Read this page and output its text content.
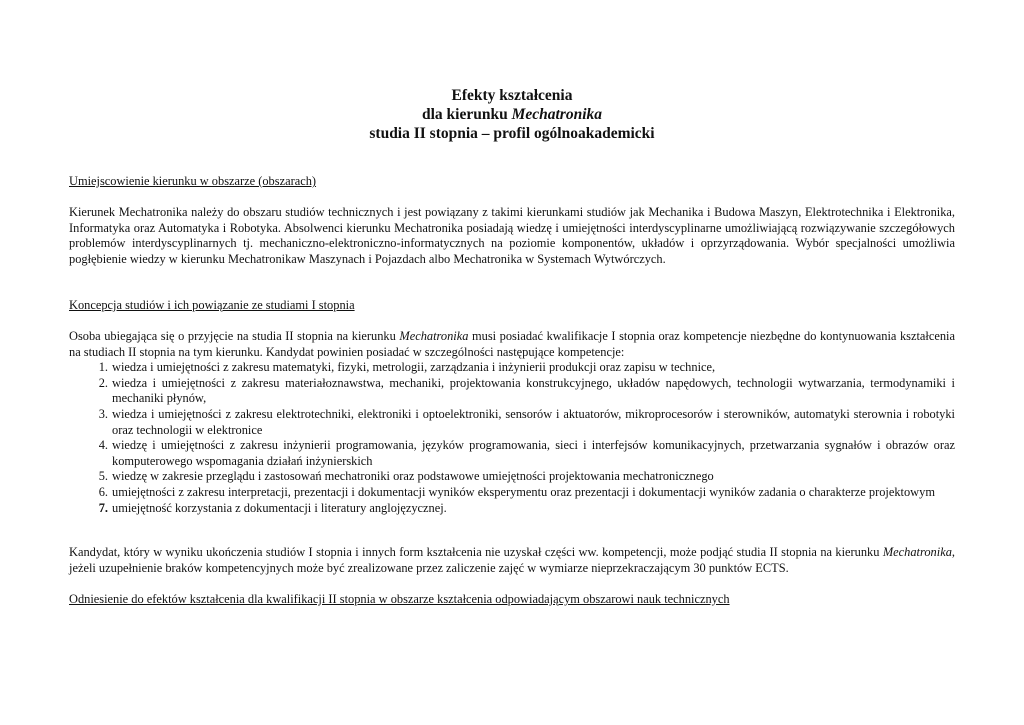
Efekty kształcenia
dla kierunku Mechatronika
studia II stopnia – profil ogólnoakademicki
Umiejscowienie kierunku w obszarze (obszarach)
Kierunek Mechatronika należy do obszaru studiów technicznych i jest powiązany z takimi kierunkami studiów jak Mechanika i Budowa Maszyn, Elektrotechnika i Elektronika, Informatyka oraz Automatyka i Robotyka. Absolwenci kierunku Mechatronika posiadają wiedzę i umiejętności interdyscyplinarne umożliwiającą rozwiązywanie szczegółowych problemów interdyscyplinarnych tj. mechaniczno-elektroniczno-informatycznych na poziomie komponentów, układów i oprzyrządowania. Wybór specjalności umożliwia pogłębienie wiedzy w kierunku Mechatronikaw Maszynach i Pojazdach albo Mechatronika w Systemach Wytwórczych.
Koncepcja studiów i ich powiązanie ze studiami I stopnia
Osoba ubiegająca się o przyjęcie na studia II stopnia na kierunku Mechatronika musi posiadać kwalifikacje I stopnia oraz kompetencje niezbędne do kontynuowania kształcenia na studiach II stopnia na tym kierunku. Kandydat powinien posiadać w szczególności następujące kompetencje:
1. wiedza i umiejętności z zakresu matematyki, fizyki, metrologii, zarządzania i inżynierii produkcji oraz zapisu w technice,
2. wiedza i umiejętności z zakresu materiałoznawstwa, mechaniki, projektowania konstrukcyjnego, układów napędowych, technologii wytwarzania, termodynamiki i mechaniki płynów,
3. wiedza i umiejętności z zakresu elektrotechniki, elektroniki i optoelektroniki, sensorów i aktuatorów, mikroprocesorów i sterowników, automatyki sterownia i robotyki oraz technologii w elektronice
4. wiedzę i umiejętności z zakresu inżynierii programowania, języków programowania, sieci i interfejsów komunikacyjnych, przetwarzania sygnałów i obrazów oraz komputerowego wspomagania działań inżynierskich
5. wiedzę w zakresie przeglądu i zastosowań mechatroniki oraz podstawowe umiejętności projektowania mechatronicznego
6. umiejętności z zakresu interpretacji, prezentacji i dokumentacji wyników eksperymentu oraz prezentacji i dokumentacji wyników zadania o charakterze projektowym
7. umiejętność korzystania z dokumentacji i literatury anglojęzycznej.
Kandydat, który w wyniku ukończenia studiów I stopnia i innych form kształcenia nie uzyskał części ww. kompetencji, może podjąć studia II stopnia na kierunku Mechatronika, jeżeli uzupełnienie braków kompetencyjnych może być zrealizowane przez zaliczenie zajęć w wymiarze nieprzekraczającym 30 punktów ECTS.
Odniesienie do efektów kształcenia dla kwalifikacji II stopnia w obszarze kształcenia odpowiadającym obszarowi nauk technicznych
